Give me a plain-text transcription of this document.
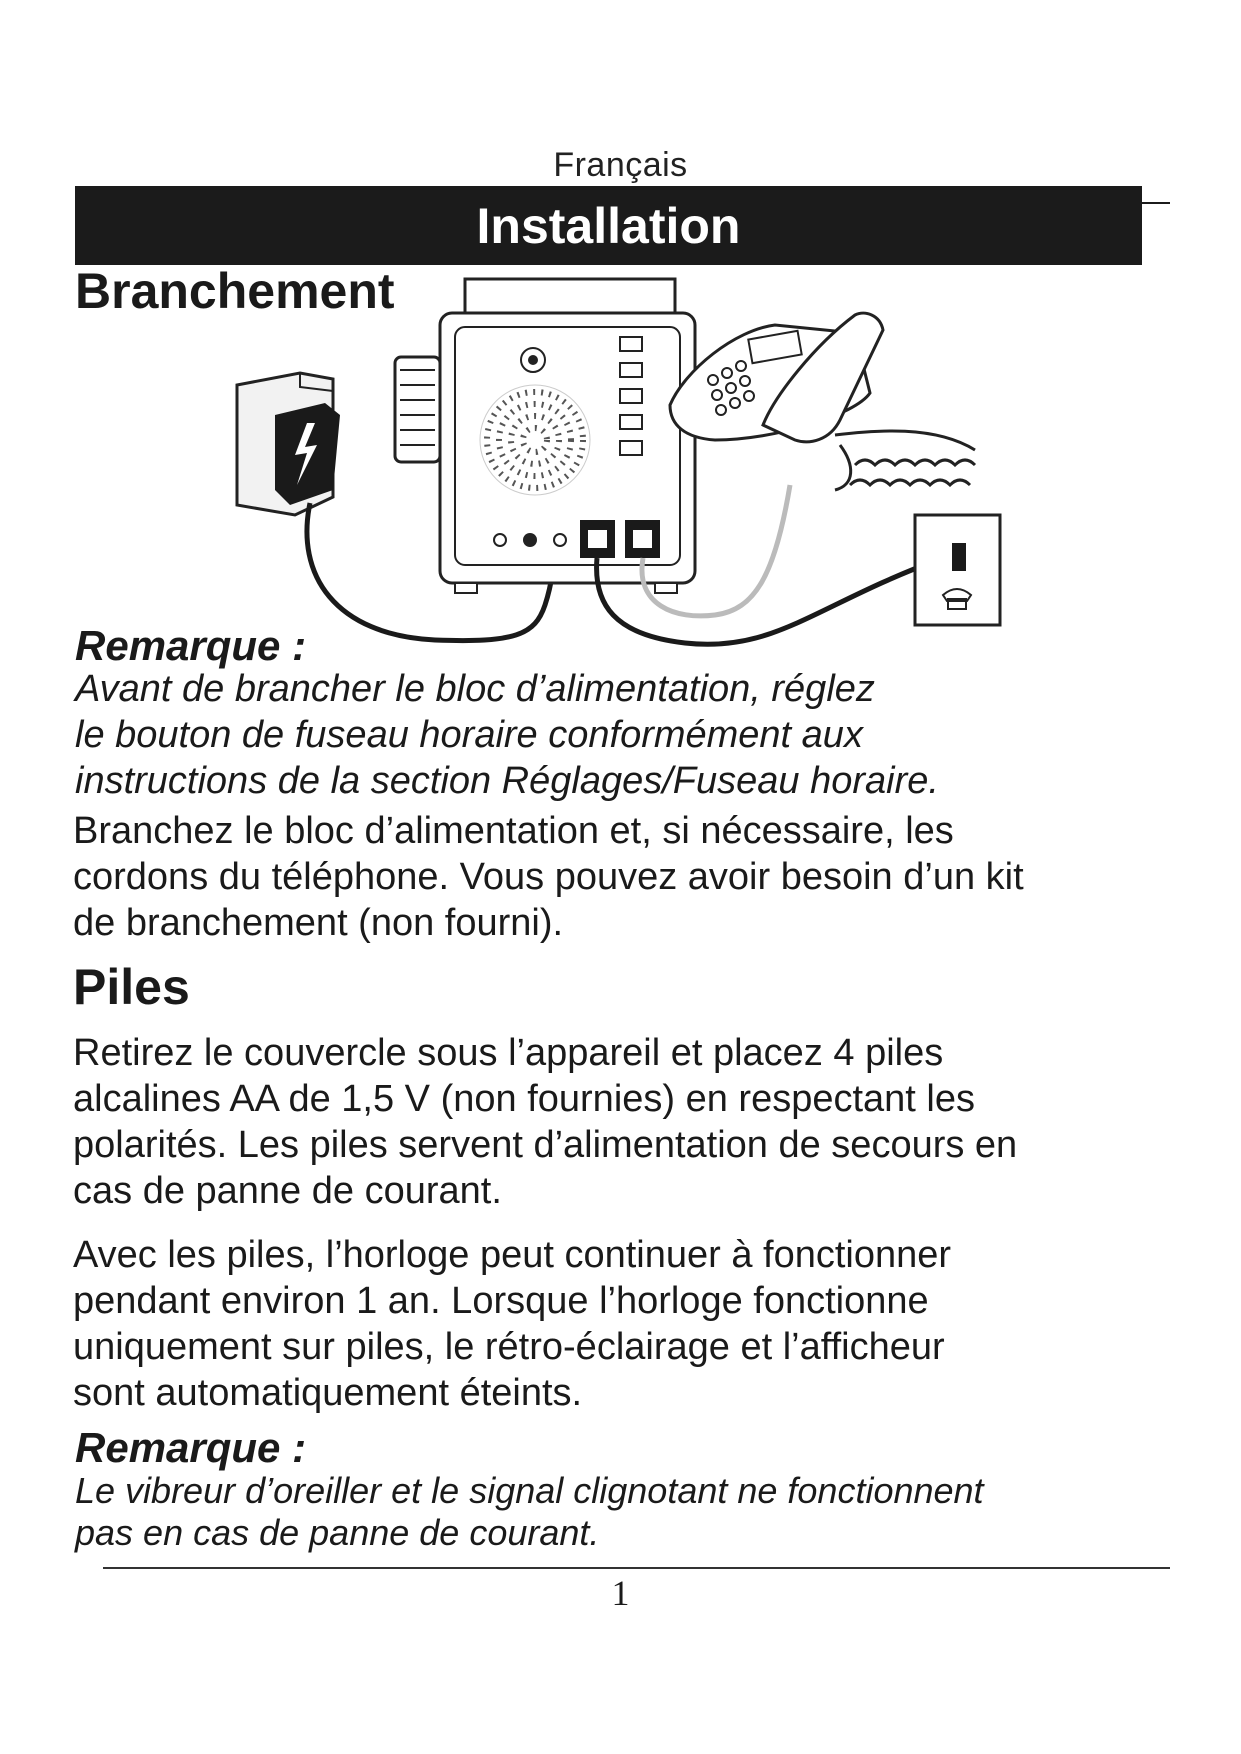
Français
Installation
Branchement
Remarque :
Avant de brancher le bloc d’alimentation, réglez
le bouton de fuseau horaire conformément aux
instructions de la section Réglages/Fuseau horaire.
Branchez le bloc d’alimentation et, si nécessaire, les
cordons du téléphone. Vous pouvez avoir besoin d’un kit
de branchement (non fourni).
Piles
Retirez le couvercle sous l’appareil et placez 4 piles
alcalines AA de 1,5 V (non fournies) en respectant les
polarités. Les piles servent d’alimentation de secours en
cas de panne de courant.
Avec les piles, l’horloge peut continuer à fonctionner
pendant environ 1 an. Lorsque l’horloge fonctionne
uniquement sur piles, le rétro-éclairage et l’afficheur
sont automatiquement éteints.
Remarque :
Le vibreur d’oreiller et le signal clignotant ne fonctionnent
pas en cas de panne de courant.
1
